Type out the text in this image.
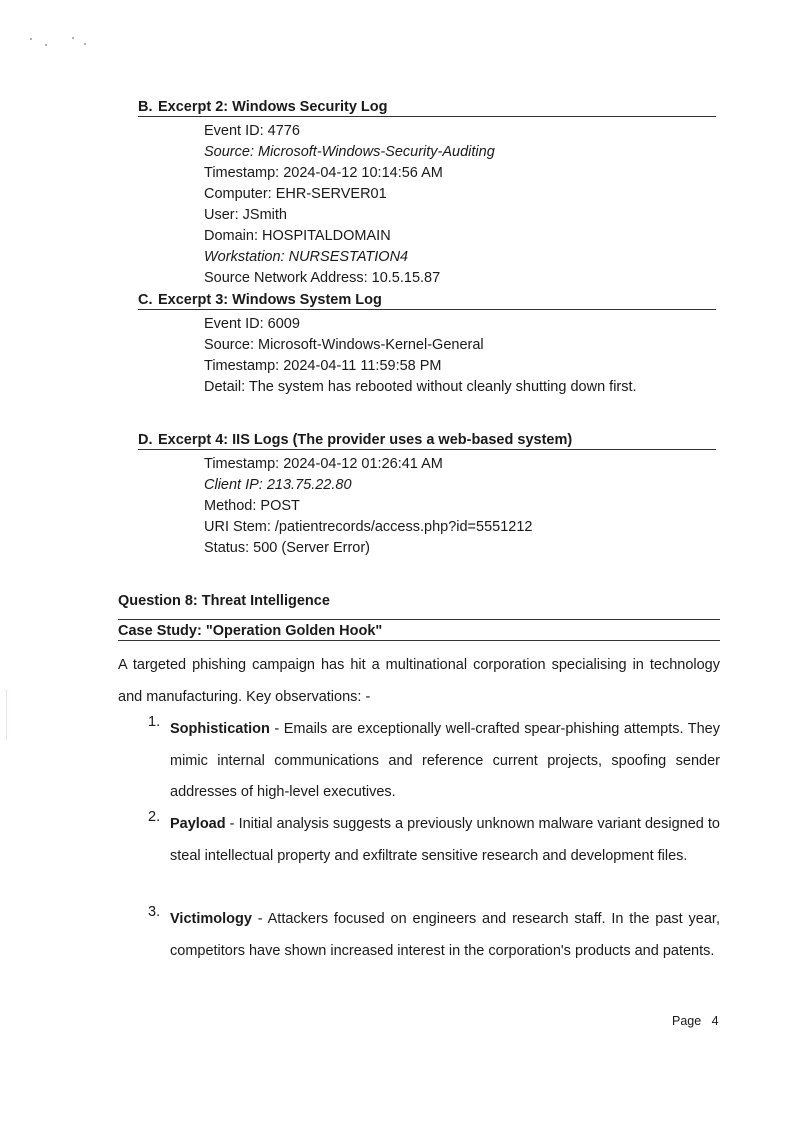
B. Excerpt 2: Windows Security Log
Event ID: 4776
Source: Microsoft-Windows-Security-Auditing
Timestamp: 2024-04-12 10:14:56 AM
Computer: EHR-SERVER01
User: JSmith
Domain: HOSPITALDOMAIN
Workstation: NURSESTATION4
Source Network Address: 10.5.15.87
C. Excerpt 3: Windows System Log
Event ID: 6009
Source: Microsoft-Windows-Kernel-General
Timestamp: 2024-04-11 11:59:58 PM
Detail: The system has rebooted without cleanly shutting down first.
D. Excerpt 4: IIS Logs (The provider uses a web-based system)
Timestamp: 2024-04-12 01:26:41 AM
Client IP: 213.75.22.80
Method: POST
URI Stem: /patientrecords/access.php?id=5551212
Status: 500 (Server Error)
Question 8: Threat Intelligence
Case Study: "Operation Golden Hook"
A targeted phishing campaign has hit a multinational corporation specialising in technology and manufacturing. Key observations: -
1. Sophistication - Emails are exceptionally well-crafted spear-phishing attempts. They mimic internal communications and reference current projects, spoofing sender addresses of high-level executives.
2. Payload - Initial analysis suggests a previously unknown malware variant designed to steal intellectual property and exfiltrate sensitive research and development files.
3. Victimology - Attackers focused on engineers and research staff. In the past year, competitors have shown increased interest in the corporation's products and patents.
Page 4
